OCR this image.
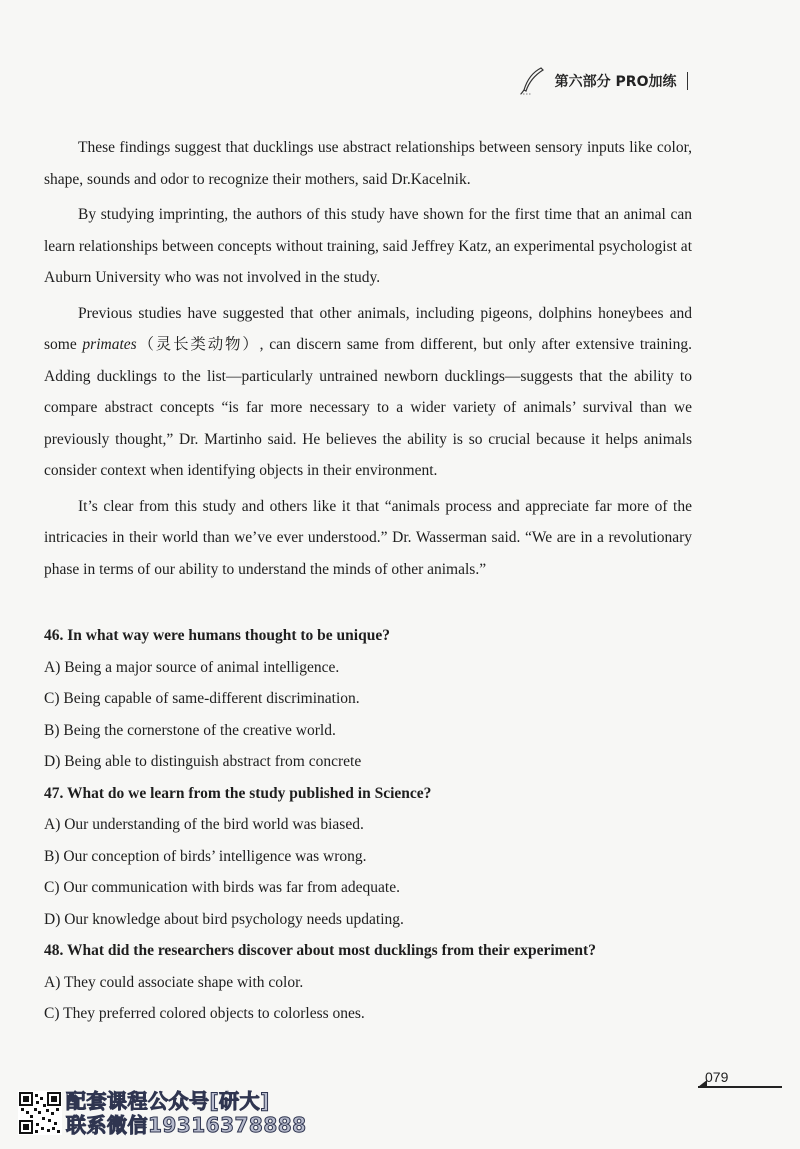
第六部分 PRO加练

These findings suggest that ducklings use abstract relationships between sensory inputs like color, shape, sounds and odor to recognize their mothers, said Dr.Kacelnik.

By studying imprinting, the authors of this study have shown for the first time that an animal can learn relationships between concepts without training, said Jeffrey Katz, an experimental psychologist at Auburn University who was not involved in the study.

Previous studies have suggested that other animals, including pigeons, dolphins honeybees and some primates（灵长类动物）, can discern same from different, but only after extensive training. Adding ducklings to the list—particularly untrained newborn ducklings—suggests that the ability to compare abstract concepts “is far more necessary to a wider variety of animals’ survival than we previously thought,” Dr. Martinho said. He believes the ability is so crucial because it helps animals consider context when identifying objects in their environment.

It’s clear from this study and others like it that “animals process and appreciate far more of the intricacies in their world than we’ve ever understood.” Dr. Wasserman said. “We are in a revolutionary phase in terms of our ability to understand the minds of other animals.”

46. In what way were humans thought to be unique?

A) Being a major source of animal intelligence.

C) Being capable of same-different discrimination.

B) Being the cornerstone of the creative world.

D) Being able to distinguish abstract from concrete

47. What do we learn from the study published in Science?

A) Our understanding of the bird world was biased.

B) Our conception of birds’ intelligence was wrong.

C) Our communication with birds was far from adequate.

D) Our knowledge about bird psychology needs updating.

48. What did the researchers discover about most ducklings from their experiment?

A) They could associate shape with color.

C) They preferred colored objects to colorless ones.

079
配套课程公众号[研大]
联系微信19316378888
